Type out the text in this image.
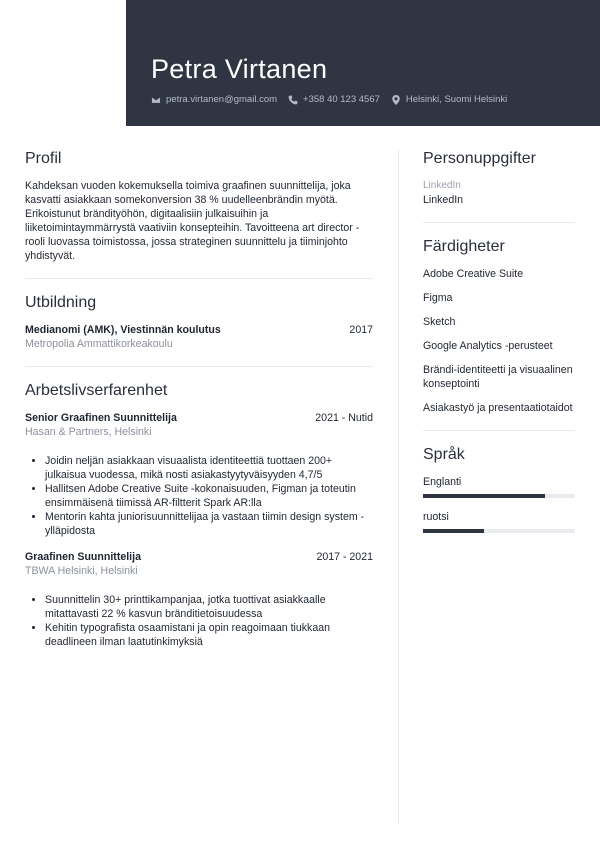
Petra Virtanen
petra.virtanen@gmail.com	+358 40 123 4567	Helsinki, Suomi Helsinki
Profil

Kahdeksan vuoden kokemuksella toimiva graafinen suunnittelija, joka kasvatti asiakkaan somekonversion 38 % uudelleenbrändin myötä. Erikoistunut brändityöhön, digitaalisiin julkaisuihin ja liiketoimintaymmärrystä vaativiin konsepteihin. Tavoitteena art director -rooli luovassa toimistossa, jossa strateginen suunnittelu ja tiiminjohto yhdistyvät.

Utbildning
Medianomi (AMK), Viestinnän koulutus	2017
Metropolia Ammattikorkeakoulu
Arbetslivserfarenhet
Senior Graafinen Suunnittelija	2021 - Nutid
Hasan & Partners, Helsinki
• Joidin neljän asiakkaan visuaalista identiteettiä tuottaen 200+ julkaisua vuodessa, mikä nosti asiakastyytyväisyyden 4,7/5
• Hallitsen Adobe Creative Suite -kokonaisuuden, Figman ja toteutin ensimmäisenä tiimissä AR-filtterit Spark AR:lla
• Mentorin kahta juniorisuunnittelijaa ja vastaan tiimin design system -ylläpidosta
Graafinen Suunnittelija	2017 - 2021
TBWA Helsinki, Helsinki
• Suunnittelin 30+ printtikampanjaa, jotka tuottivat asiakkaalle mitattavasti 22 % kasvun bränditietoisuudessa
• Kehitin typografista osaamistani ja opin reagoimaan tiukkaan deadlineen ilman laatutinkimyksiä
Personuppgifter
LinkedIn
LinkedIn
Färdigheter
Adobe Creative Suite
Figma
Sketch
Google Analytics -perusteet
Brändi-identiteetti ja visuaalinen konseptointi
Asiakastyö ja presentaatiotaidot
Språk
Englanti
ruotsi
